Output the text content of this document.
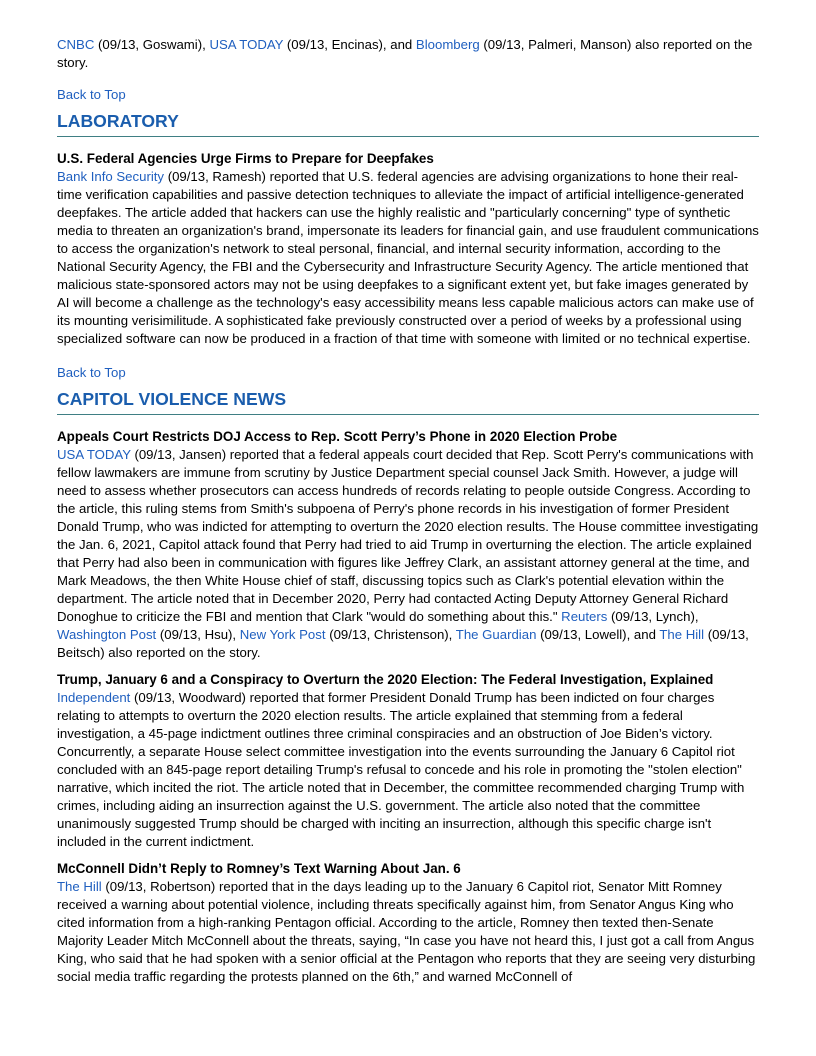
CNBC (09/13, Goswami), USA TODAY (09/13, Encinas), and Bloomberg (09/13, Palmeri, Manson) also reported on the story.

Back to Top
LABORATORY
U.S. Federal Agencies Urge Firms to Prepare for Deepfakes

Bank Info Security (09/13, Ramesh) reported that U.S. federal agencies are advising organizations to hone their real-time verification capabilities and passive detection techniques to alleviate the impact of artificial intelligence-generated deepfakes. The article added that hackers can use the highly realistic and "particularly concerning" type of synthetic media to threaten an organization's brand, impersonate its leaders for financial gain, and use fraudulent communications to access the organization's network to steal personal, financial, and internal security information, according to the National Security Agency, the FBI and the Cybersecurity and Infrastructure Security Agency. The article mentioned that malicious state-sponsored actors may not be using deepfakes to a significant extent yet, but fake images generated by AI will become a challenge as the technology's easy accessibility means less capable malicious actors can make use of its mounting verisimilitude. A sophisticated fake previously constructed over a period of weeks by a professional using specialized software can now be produced in a fraction of that time with someone with limited or no technical expertise.

Back to Top
CAPITOL VIOLENCE NEWS
Appeals Court Restricts DOJ Access to Rep. Scott Perry’s Phone in 2020 Election Probe

USA TODAY (09/13, Jansen) reported that a federal appeals court decided that Rep. Scott Perry's communications with fellow lawmakers are immune from scrutiny by Justice Department special counsel Jack Smith. However, a judge will need to assess whether prosecutors can access hundreds of records relating to people outside Congress. According to the article, this ruling stems from Smith's subpoena of Perry's phone records in his investigation of former President Donald Trump, who was indicted for attempting to overturn the 2020 election results. The House committee investigating the Jan. 6, 2021, Capitol attack found that Perry had tried to aid Trump in overturning the election. The article explained that Perry had also been in communication with figures like Jeffrey Clark, an assistant attorney general at the time, and Mark Meadows, the then White House chief of staff, discussing topics such as Clark's potential elevation within the department. The article noted that in December 2020, Perry had contacted Acting Deputy Attorney General Richard Donoghue to criticize the FBI and mention that Clark "would do something about this." Reuters (09/13, Lynch), Washington Post (09/13, Hsu), New York Post (09/13, Christenson), The Guardian (09/13, Lowell), and The Hill (09/13, Beitsch) also reported on the story.

Trump, January 6 and a Conspiracy to Overturn the 2020 Election: The Federal Investigation, Explained

Independent (09/13, Woodward) reported that former President Donald Trump has been indicted on four charges relating to attempts to overturn the 2020 election results. The article explained that stemming from a federal investigation, a 45-page indictment outlines three criminal conspiracies and an obstruction of Joe Biden’s victory. Concurrently, a separate House select committee investigation into the events surrounding the January 6 Capitol riot concluded with an 845-page report detailing Trump's refusal to concede and his role in promoting the "stolen election" narrative, which incited the riot. The article noted that in December, the committee recommended charging Trump with crimes, including aiding an insurrection against the U.S. government. The article also noted that the committee unanimously suggested Trump should be charged with inciting an insurrection, although this specific charge isn't included in the current indictment.

McConnell Didn’t Reply to Romney’s Text Warning About Jan. 6

The Hill (09/13, Robertson) reported that in the days leading up to the January 6 Capitol riot, Senator Mitt Romney received a warning about potential violence, including threats specifically against him, from Senator Angus King who cited information from a high-ranking Pentagon official. According to the article, Romney then texted then-Senate Majority Leader Mitch McConnell about the threats, saying, “In case you have not heard this, I just got a call from Angus King, who said that he had spoken with a senior official at the Pentagon who reports that they are seeing very disturbing social media traffic regarding the protests planned on the 6th,” and warned McConnell of
